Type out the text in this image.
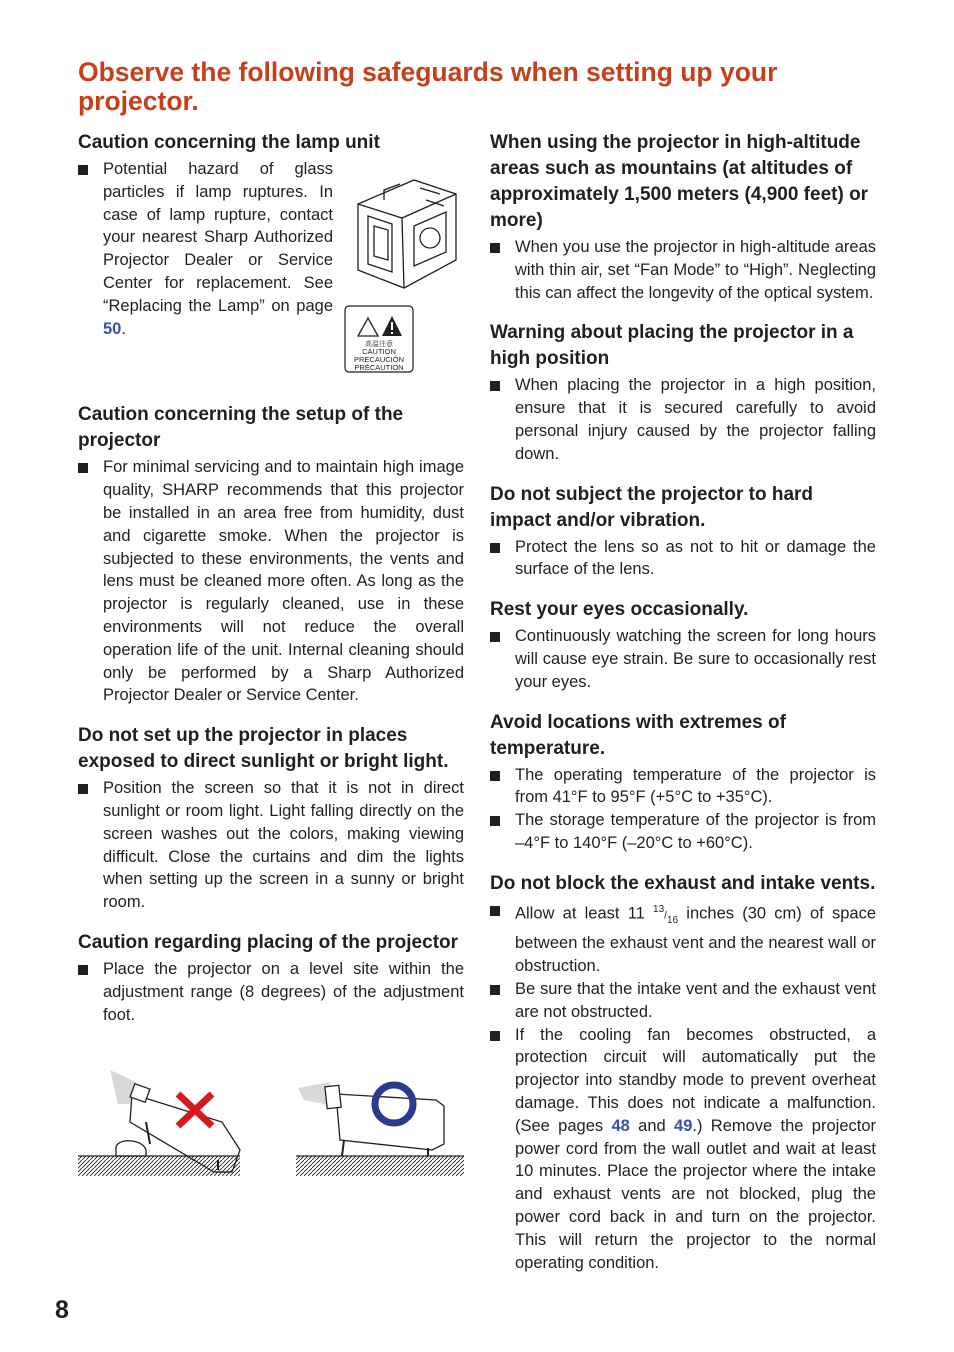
Observe the following safeguards when setting up your projector.
Caution concerning the lamp unit

Potential hazard of glass particles if lamp ruptures. In case of lamp rupture, contact your nearest Sharp Authorized Projector Dealer or Service Center for replacement. See “Replacing the Lamp” on page 50.

高温注意
CAUTION
PRECAUCIÓN
PRÉCAUTION
Caution concerning the setup of the projector

For minimal servicing and to maintain high image quality, SHARP recommends that this projector be installed in an area free from humidity, dust and cigarette smoke. When the projector is subjected to these environments, the vents and lens must be cleaned more often. As long as the projector is regularly cleaned, use in these environments will not reduce the overall operation life of the unit. Internal cleaning should only be performed by a Sharp Authorized Projector Dealer or Service Center.

Do not set up the projector in places exposed to direct sunlight or bright light.

Position the screen so that it is not in direct sunlight or room light. Light falling directly on the screen washes out the colors, making viewing difficult. Close the curtains and dim the lights when setting up the screen in a sunny or bright room.

Caution regarding placing of the projector

Place the projector on a level site within the adjustment range (8 degrees) of the adjustment foot.

When using the projector in high-altitude areas such as mountains (at altitudes of approximately 1,500 meters (4,900 feet) or more)

When you use the projector in high-altitude areas with thin air, set “Fan Mode” to “High”. Neglecting this can affect the longevity of the optical system.

Warning about placing the projector in a high position

When placing the projector in a high position, ensure that it is secured carefully to avoid personal injury caused by the projector falling down.

Do not subject the projector to hard impact and/or vibration.

Protect the lens so as not to hit or damage the surface of the lens.

Rest your eyes occasionally.

Continuously watching the screen for long hours will cause eye strain. Be sure to occasionally rest your eyes.

Avoid locations with extremes of temperature.

The operating temperature of the projector is from 41°F to 95°F (+5°C to +35°C).

The storage temperature of the projector is from –4°F to 140°F (–20°C to +60°C).

Do not block the exhaust and intake vents.

Allow at least 11 $^{13}/_{16}$ inches (30 cm) of space between the exhaust vent and the nearest wall or obstruction.

Be sure that the intake vent and the exhaust vent are not obstructed.

If the cooling fan becomes obstructed, a protection circuit will automatically put the projector into standby mode to prevent overheat damage. This does not indicate a malfunction. (See pages 48 and 49.) Remove the projector power cord from the wall outlet and wait at least 10 minutes. Place the projector where the intake and exhaust vents are not blocked, plug the power cord back in and turn on the projector. This will return the projector to the normal operating condition.

8
